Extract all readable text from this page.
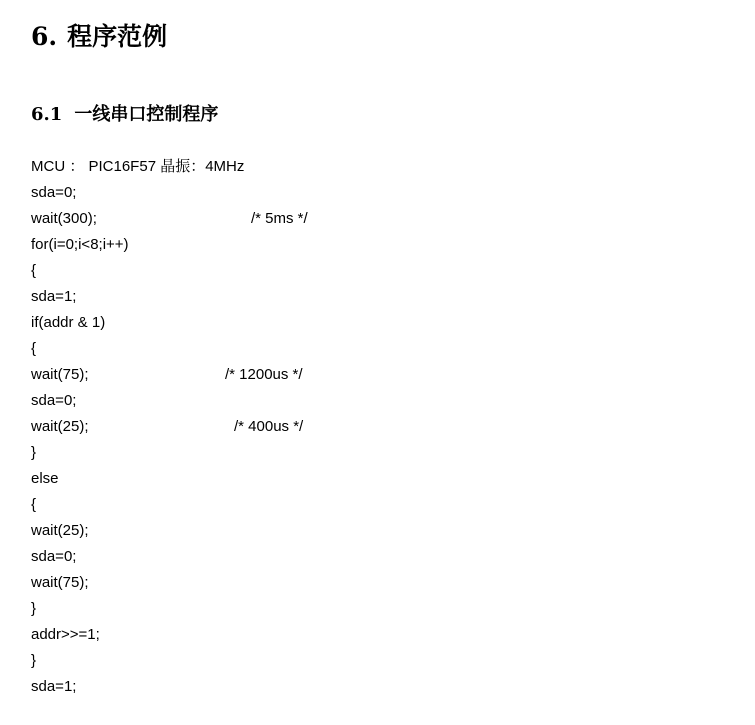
6. 程序范例
6.1 一线串口控制程序
MCU ： PIC16F57 晶振：4MHz
sda=0;
wait(300);	/* 5ms */
for(i=0;i<8;i++)
{
sda=1;
if(addr & 1)
{
wait(75);	/* 1200us */
sda=0;
wait(25);	/* 400us */
}
else
{
wait(25);
sda=0;
wait(75);
}
addr>>=1;
}
sda=1;
